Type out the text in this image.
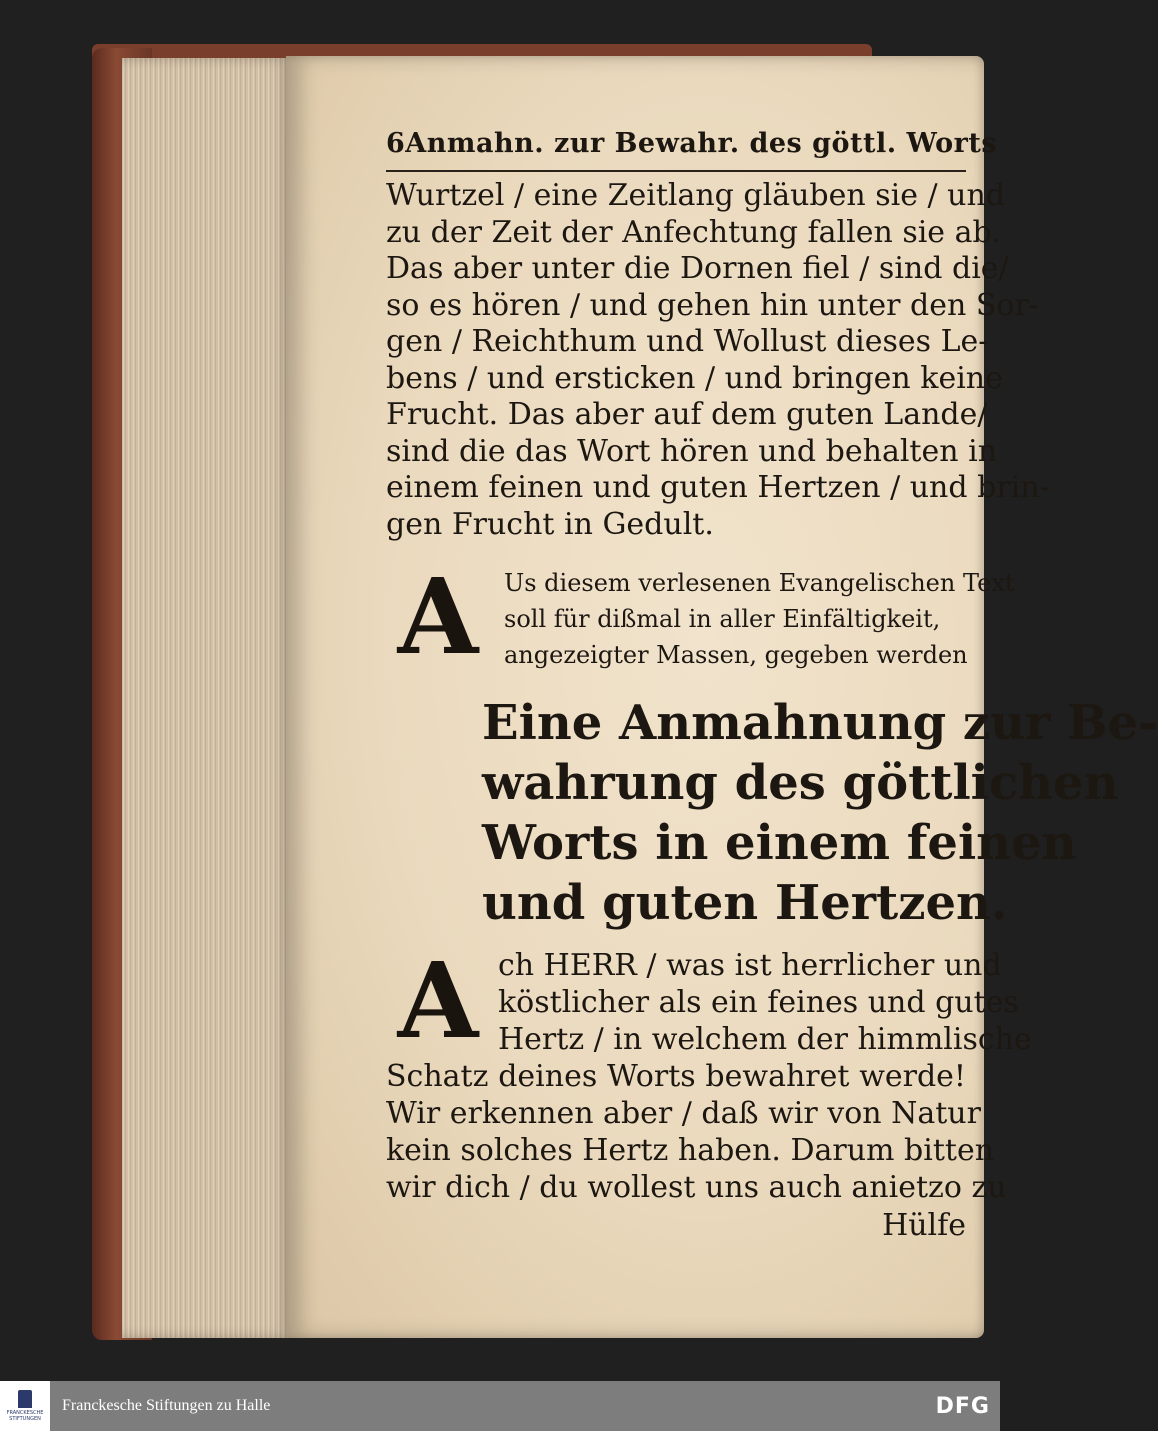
6 Anmahn. zur Bewahr. des göttl. Worts
Wurtzel / eine Zeitlang gläuben sie / und
zu der Zeit der Anfechtung fallen sie ab.
Das aber unter die Dornen fiel / sind die/
so es hören / und gehen hin unter den Sor-
gen / Reichthum und Wollust dieses Le-
bens / und ersticken / und bringen keine
Frucht. Das aber auf dem guten Lande/
sind die das Wort hören und behalten in
einem feinen und guten Hertzen / und brin-
gen Frucht in Gedult.
A	Us diesem verlesenen Evangelischen Text
soll für dißmal in aller Einfältigkeit,
angezeigter Massen, gegeben werden
Eine Anmahnung zur Be-
wahrung des göttlichen
Worts in einem feinen
und guten Hertzen.
A ch HERR / was ist herrlicher und
köstlicher als ein feines und gutes
Hertz / in welchem der himmlische
Schatz deines Worts bewahret werde!
Wir erkennen aber / daß wir von Natur
kein solches Hertz haben. Darum bitten
wir dich / du wollest uns auch anietzo zu
Hülfe
FRANCKESCHE STIFTUNGEN
Franckesche Stiftungen zu Halle	DFG
